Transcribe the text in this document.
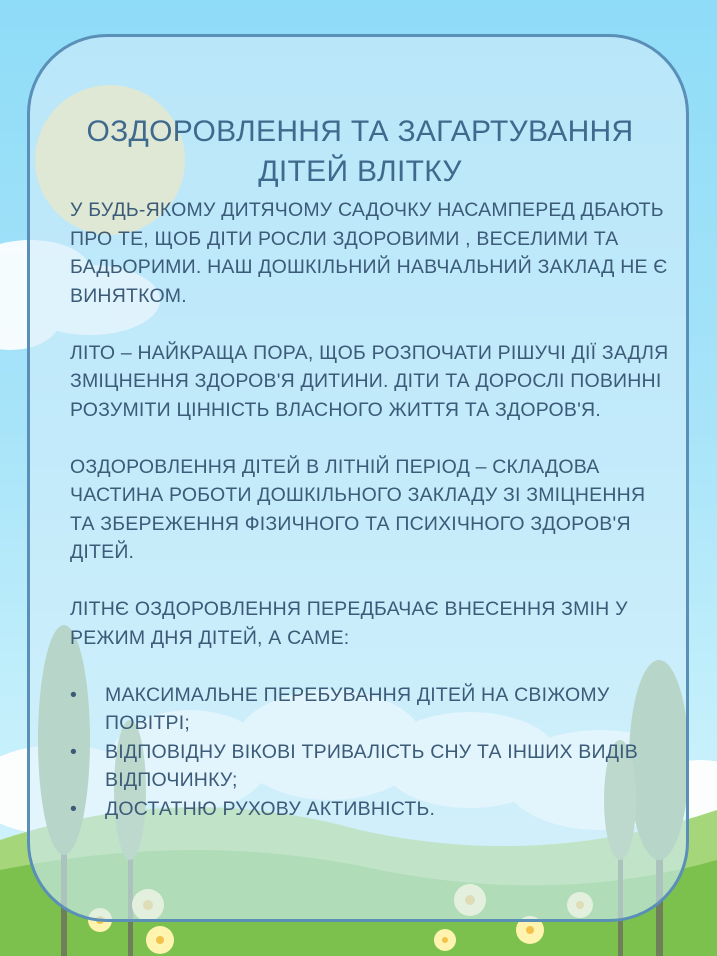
ОЗДОРОВЛЕННЯ ТА ЗАГАРТУВАННЯ ДІТЕЙ ВЛІТКУ

У БУДЬ-ЯКОМУ ДИТЯЧОМУ САДОЧКУ НАСАМПЕРЕД ДБАЮТЬ ПРО ТЕ, ЩОБ ДІТИ РОСЛИ ЗДОРОВИМИ , ВЕСЕЛИМИ ТА БАДЬОРИМИ. НАШ ДОШКІЛЬНИЙ НАВЧАЛЬНИЙ ЗАКЛАД НЕ Є ВИНЯТКОМ.

ЛІТО – НАЙКРАЩА ПОРА, ЩОБ РОЗПОЧАТИ РІШУЧІ ДІЇ ЗАДЛЯ ЗМІЦНЕННЯ ЗДОРОВ'Я ДИТИНИ. ДІТИ ТА ДОРОСЛІ ПОВИННІ РОЗУМІТИ ЦІННІСТЬ ВЛАСНОГО ЖИТТЯ ТА ЗДОРОВ'Я.

ОЗДОРОВЛЕННЯ ДІТЕЙ В ЛІТНІЙ ПЕРІОД – СКЛАДОВА ЧАСТИНА РОБОТИ ДОШКІЛЬНОГО ЗАКЛАДУ ЗІ ЗМІЦНЕННЯ ТА ЗБЕРЕЖЕННЯ ФІЗИЧНОГО ТА ПСИХІЧНОГО ЗДОРОВ'Я ДІТЕЙ.

ЛІТНЄ ОЗДОРОВЛЕННЯ ПЕРЕДБАЧАЄ ВНЕСЕННЯ ЗМІН У РЕЖИМ ДНЯ ДІТЕЙ, А САМЕ:

• МАКСИМАЛЬНЕ ПЕРЕБУВАННЯ ДІТЕЙ НА СВІЖОМУ ПОВІТРІ;
• ВІДПОВІДНУ ВІКОВІ ТРИВАЛІСТЬ СНУ ТА ІНШИХ ВИДІВ ВІДПОЧИНКУ;
• ДОСТАТНЮ РУХОВУ АКТИВНІСТЬ.
